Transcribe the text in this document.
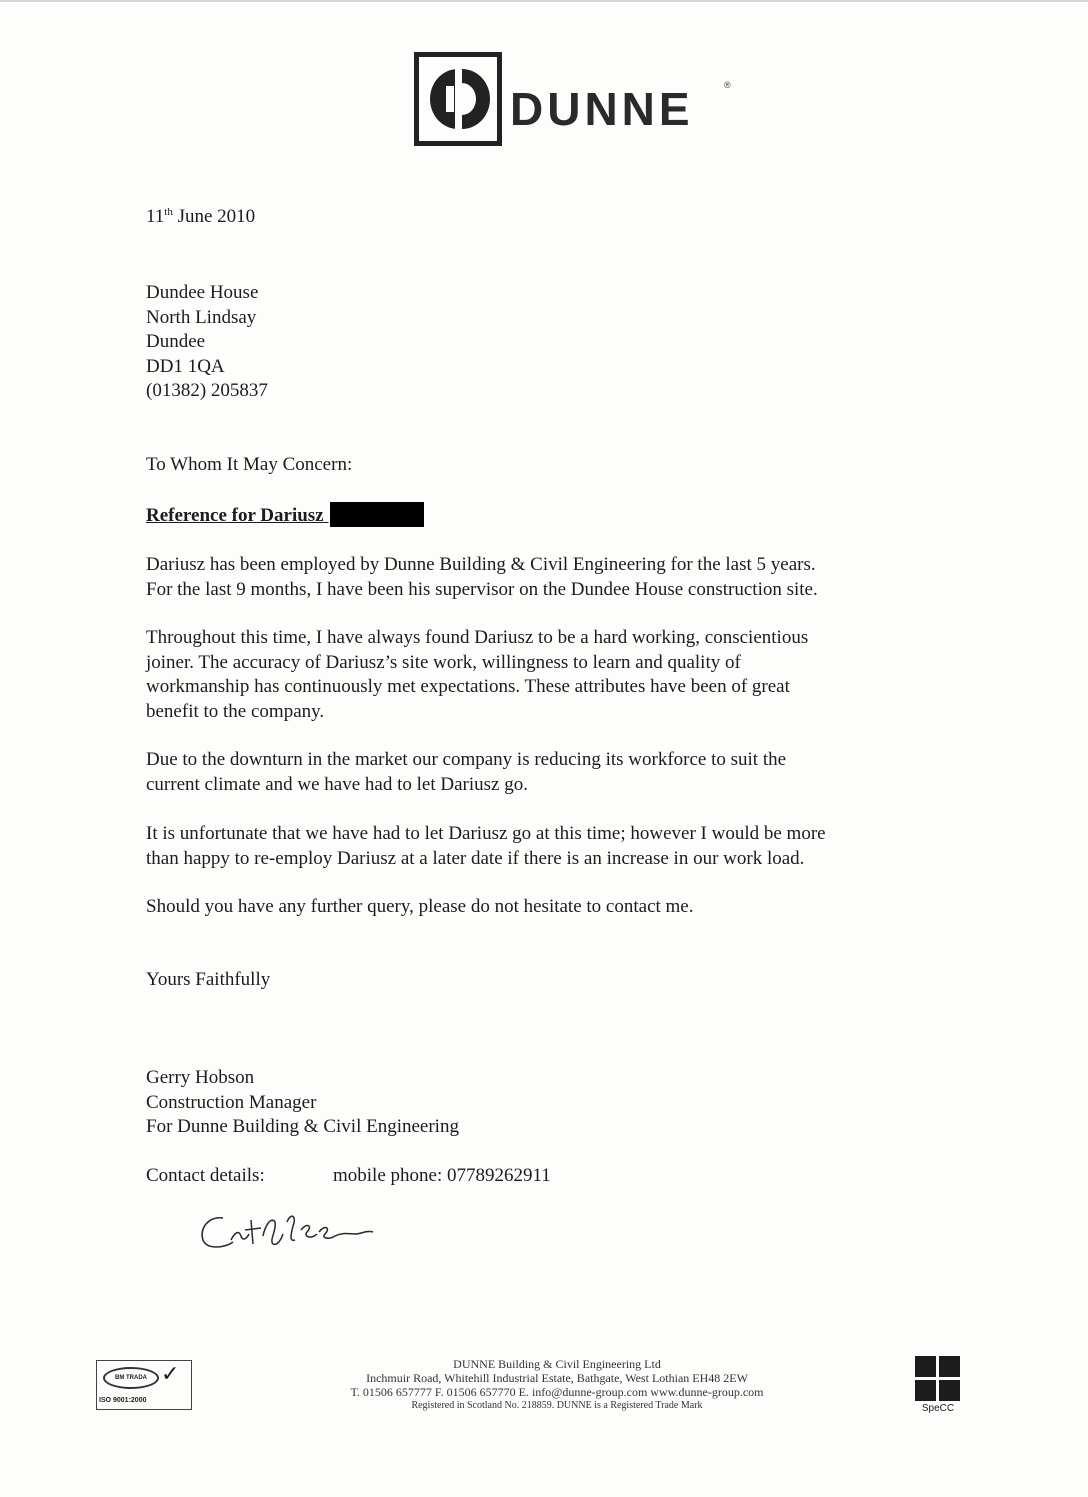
DUNNE	®
11th June 2010
Dundee House
North Lindsay
Dundee
DD1 1QA
(01382) 205837
To Whom It May Concern:
Reference for Dariusz
Dariusz has been employed by Dunne Building & Civil Engineering for the last 5 years.
For the last 9 months, I have been his supervisor on the Dundee House construction site.
Throughout this time, I have always found Dariusz to be a hard working, conscientious
joiner. The accuracy of Dariusz’s site work, willingness to learn and quality of
workmanship has continuously met expectations. These attributes have been of great
benefit to the company.
Due to the downturn in the market our company is reducing its workforce to suit the
current climate and we have had to let Dariusz go.
It is unfortunate that we have had to let Dariusz go at this time; however I would be more
than happy to re-employ Dariusz at a later date if there is an increase in our work load.
Should you have any further query, please do not hesitate to contact me.
Yours Faithfully
Gerry Hobson
Construction Manager
For Dunne Building & Civil Engineering
Contact details:	mobile phone: 07789262911
BM TRADA ✓
ISO 9001:2000
DUNNE Building & Civil Engineering Ltd
Inchmuir Road, Whitehill Industrial Estate, Bathgate, West Lothian EH48 2EW
T. 01506 657777 F. 01506 657770 E. info@dunne-group.com www.dunne-group.com
Registered in Scotland No. 218859. DUNNE is a Registered Trade Mark	SpeCC
